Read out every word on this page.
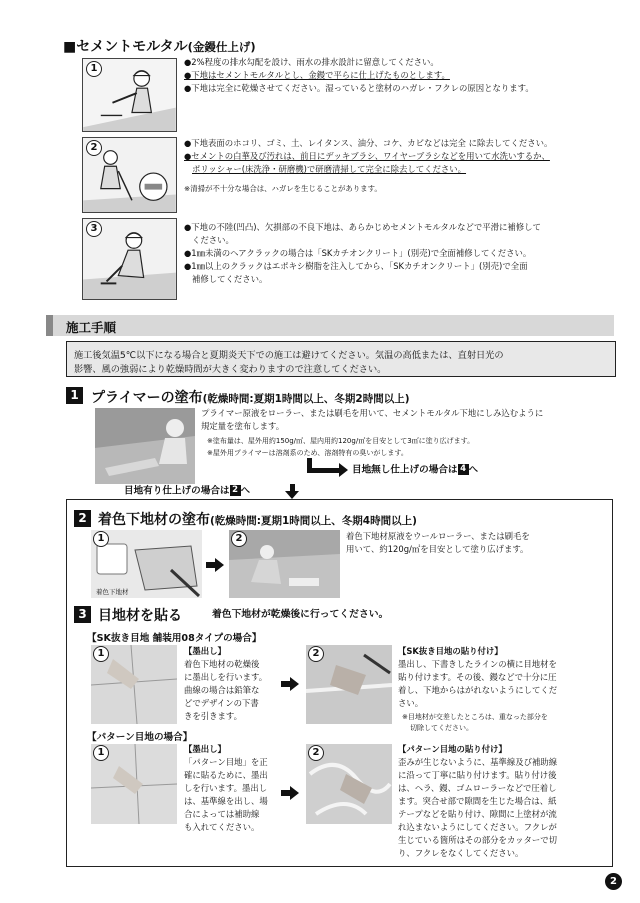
■セメントモルタル(金鏝仕上げ)
1
●2%程度の排水勾配を設け、雨水の排水設計に留意してください。
●下地はセメントモルタルとし、金鏝で平らに仕上げたものとします。
●下地は完全に乾燥させてください。湿っていると塗材のハガレ・フクレの原因となります。
2	●下地表面のホコリ、ゴミ、土、レイタンス、油分、コケ、カビなどは完全 に除去してください。
●セメントの白華及び汚れは、前日にデッキブラシ、ワイヤーブラシなどを用いて水洗いするか、
ポリッシャー(床洗浄・研磨機)で研磨清掃して完全に除去してください。
※清掃が不十分な場合は、ハガレを生じることがあります。
3	●下地の不陸(凹凸)、欠損部の不良下地は、あらかじめセメントモルタルなどで平滑に補修して
ください。
●1㎜未満のヘアクラックの場合は「SKカチオンクリート」(別売)で全面補修してください。
●1㎜以上のクラックはエポキシ樹脂を注入してから、「SKカチオンクリート」(別売)で全面
補修してください。
施工手順
施工後気温5℃以下になる場合と夏期炎天下での施工は避けてください。気温の高低または、直射日光の
影響、風の強弱により乾燥時間が大きく変わりますので注意してください。
1 プライマーの塗布(乾燥時間:夏期1時間以上、冬期2時間以上)
プライマー原液をローラー、または刷毛を用いて、セメントモルタル下地にしみ込むように
規定量を塗布します。
※塗布量は、屋外用約150g/㎡、屋内用約120g/㎡を目安として3㎡に塗り広げます。
※屋外用プライマーは溶剤系のため、溶剤特有の臭いがします。
目地無し仕上げの場合は 4 へ
目地有り仕上げの場合は 2 へ
2 着色下地材の塗布(乾燥時間:夏期1時間以上、冬期4時間以上)
1
着色下地材
2	着色下地材原液をウールローラー、または刷毛を
用いて、約120g/㎡を目安として塗り広げます。
3 目地材を貼る	着色下地材が乾燥後に行ってください。
【SK抜き目地 舗装用08タイプの場合】
1	【墨出し】
着色下地材の乾燥後
に墨出しを行います。
曲線の場合は鉛筆な
どでデザインの下書
きを引きます。
2	【SK抜き目地の貼り付け】
墨出し、下書きしたラインの横に目地材を
貼り付けます。その後、鏝などで十分に圧
着し、下地からはがれないようにしてくだ
さい。
※目地材が交差したところは、重なった部分を
切除してください。
【パターン目地の場合】
1	【墨出し】
「パターン目地」を正
確に貼るために、墨出
しを行います。墨出し
は、基準線を出し、場
合によっては補助線
も入れてください。
2	【パターン目地の貼り付け】
歪みが生じないように、基準線及び補助線
に沿って丁寧に貼り付けます。貼り付け後
は、ヘラ、鏝、ゴムローラーなどで圧着し
ます。突合せ部で隙間を生じた場合は、紙
テープなどを貼り付け、隙間に上塗材が流
れ込まないようにしてください。フクレが
生じている箇所はその部分をカッターで切
り、フクレをなくしてください。
2
